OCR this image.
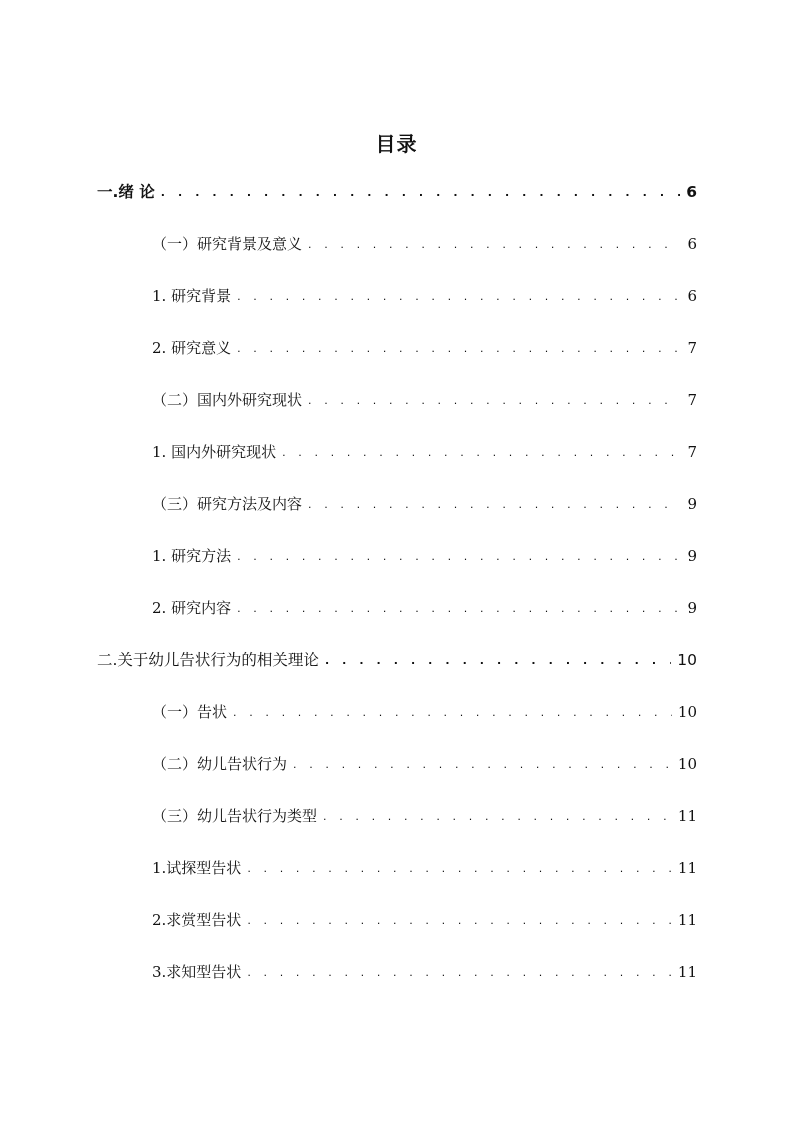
目录
一.绪 论 . . .	6
（一）研究背景及意义 . . .	6
1. 研究背景 . . .	6
2. 研究意义 . . .	7
（二）国内外研究现状 . . .	7
1. 国内外研究现状 . . .	7
（三）研究方法及内容 . . .	9
1. 研究方法 . . .	9
2. 研究内容 . . .	9
二.关于幼儿告状行为的相关理论 . . .	10
（一）告状 . . .	10
（二）幼儿告状行为 . . .	10
（三）幼儿告状行为类型 . . .	11
1.试探型告状 . . .	11
2.求赏型告状 . . .	11
3.求知型告状 . . .	11
